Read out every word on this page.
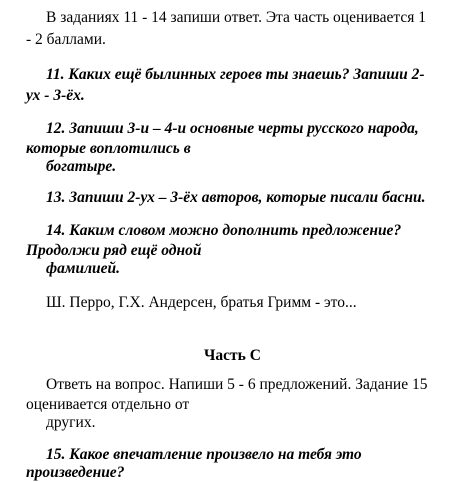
В заданиях 11 - 14 запиши ответ. Эта часть оценивается 1
- 2 баллами.
11. Каких ещё былинных героев ты знаешь? Запиши 2-
ух - 3-ёх.
12. Запиши 3-и – 4-и основные черты русского народа,
которые воплотились в
богатыре.
13. Запиши 2-ух – 3-ёх авторов, которые писали басни.
14. Каким словом можно дополнить предложение?
Продолжи ряд ещё одной
фамилией.
Ш. Перро, Г.Х. Андерсен, братья Гримм - это...
Часть С
Ответь на вопрос. Напиши 5 - 6 предложений. Задание 15
оценивается отдельно от
других.
15. Какое впечатление произвело на тебя это
произведение?
